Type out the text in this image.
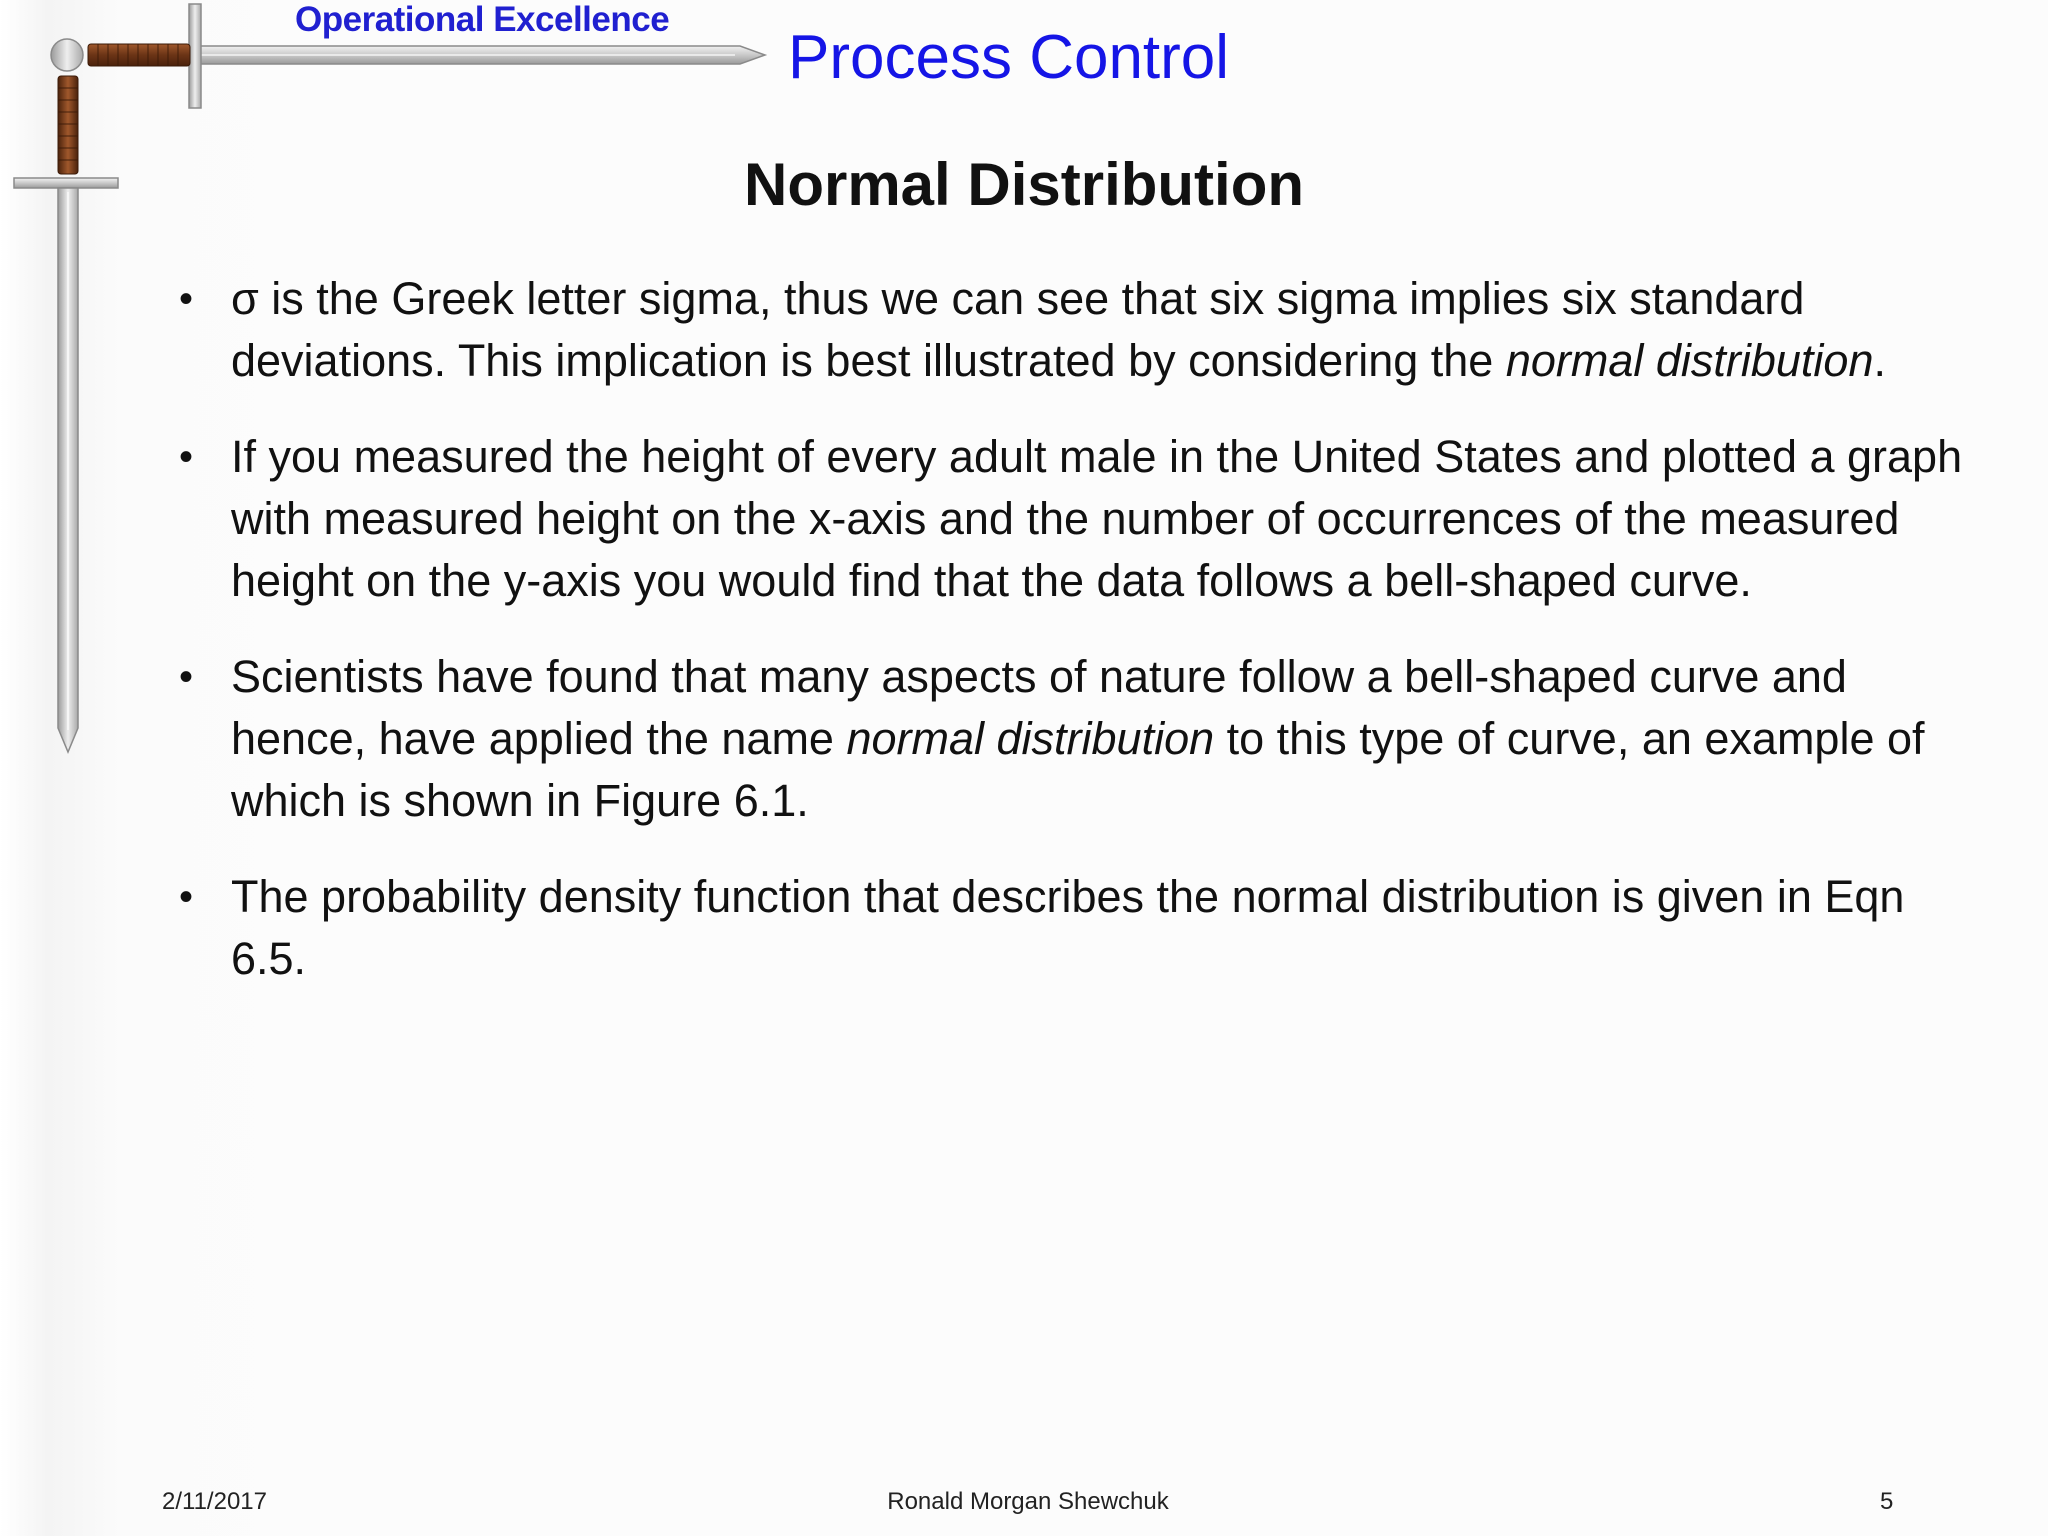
Operational Excellence
Process Control
Normal Distribution
• σ is the Greek letter sigma, thus we can see that six sigma implies six standard deviations. This implication is best illustrated by considering the normal distribution.
• If you measured the height of every adult male in the United States and plotted a graph with measured height on the x-axis and the number of occurrences of the measured height on the y-axis you would find that the data follows a bell-shaped curve.
• Scientists have found that many aspects of nature follow a bell-shaped curve and hence, have applied the name normal distribution to this type of curve, an example of which is shown in Figure 6.1.
• The probability density function that describes the normal distribution is given in Eqn 6.5.
2/11/2017	Ronald Morgan Shewchuk	5
